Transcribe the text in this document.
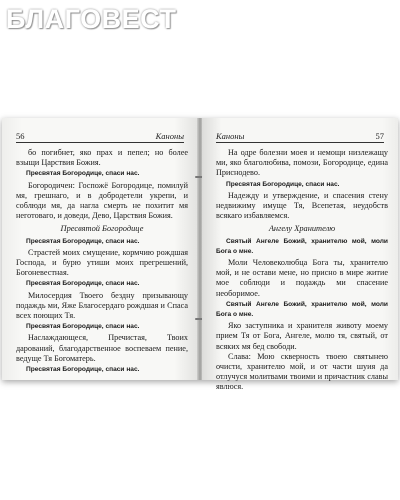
БЛАГОВЕСТ
56	Каноны

бо погибнет, яко прах и пепел; но более взыщи Царствия Божия.

Пресвятая Богородице, спаси нас.

Богородичен: Госпожё Богородице, помилуй мя, грешнаго, и в добродетели укрепи, и соблюди мя, да нагла смерть не похитит мя неготоваго, и доведи, Дево, Царствия Божия.

Пресвятой Богородице

Пресвятая Богородице, спаси нас.

Страстей моих смущение, кормчию рождшая Господа, и бурю утиши моих прегрешений, Богоневестная.

Пресвятая Богородице, спаси нас.

Милосердия Твоего бездну призывающу подаждь ми, Яже Благосердаго рождшая и Спаса всех поющих Тя.

Пресвятая Богородице, спаси нас.

Наслаждающеся, Пречистая, Твоих дарований, благодарственное воспеваем пение, ведуще Тя Богоматерь.

Пресвятая Богородице, спаси нас.

Каноны	57

На одре болезни моея и немощи низлежащу ми, яко благолюбива, помози, Богородице, едина Приснодево.

Пресвятая Богородице, спаси нас.

Надежду и утверждение, и спасения стену недвижиму имуще Тя, Всепетая, неудобств всякаго избавляемся.

Ангелу Хранителю

Святый Ангеле Божий, хранителю мой, моли Бога о мне.

Моли Человеколюбца Бога ты, хранителю мой, и не остави мене, но присно в мире житие мое соблюди и подаждь ми спасение необоримое.

Святый Ангеле Божий, хранителю мой, моли Бога о мне.

Яко заступника и хранителя животу моему прием Тя от Бога, Ангеле, молю тя, святый, от всяких мя бед свободи.

Слава: Мою скверность твоею святынею очисти, хранителю мой, и от части шуия да отлучуся молитвами твоими и причастник славы явлюся.
